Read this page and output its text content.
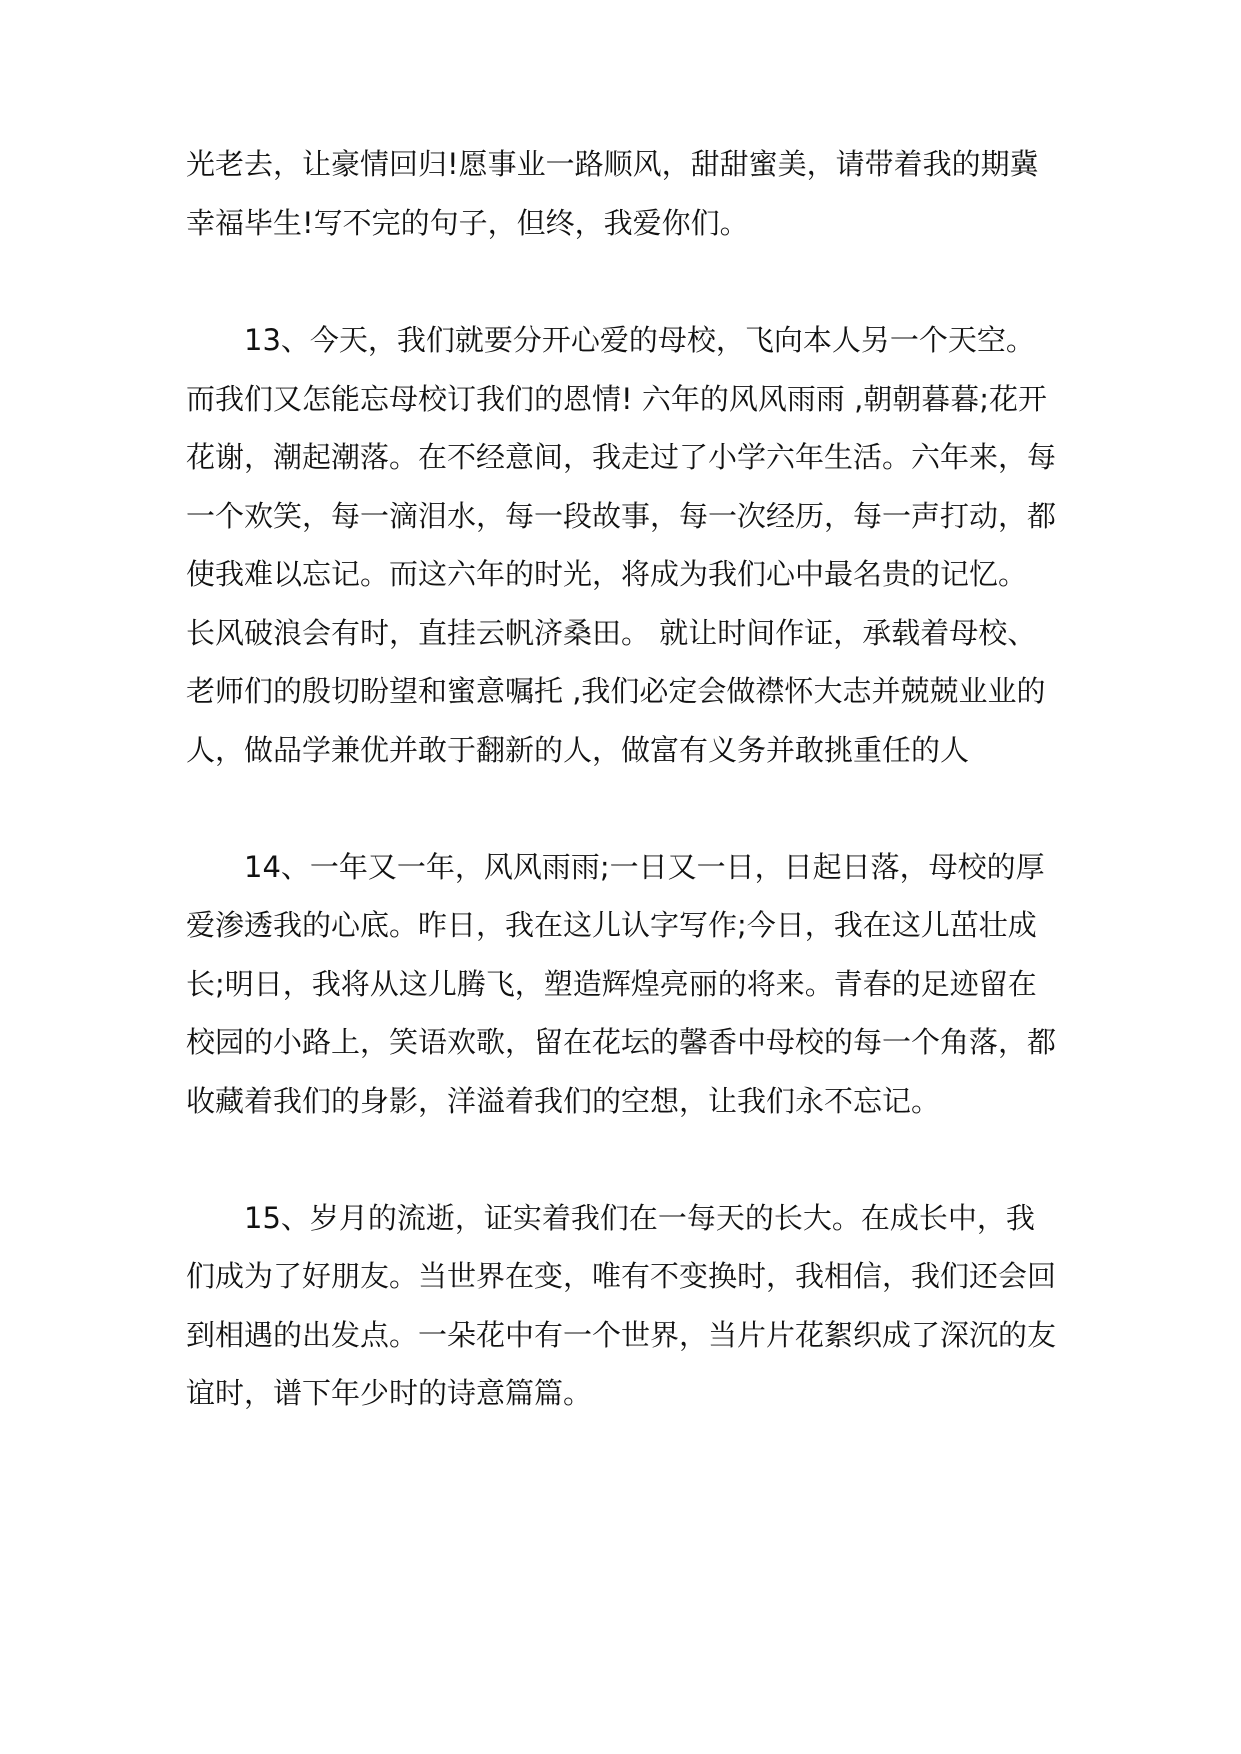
光老去，让豪情回归!愿事业一路顺风，甜甜蜜美，请带着我的期冀
幸福毕生!写不完的句子，但终，我爱你们。
　　13、今天，我们就要分开心爱的母校，飞向本人另一个天空。
而我们又怎能忘母校订我们的恩情! 六年的风风雨雨 ,朝朝暮暮;花开
花谢，潮起潮落。在不经意间，我走过了小学六年生活。六年来，每
一个欢笑，每一滴泪水，每一段故事，每一次经历，每一声打动，都
使我难以忘记。而这六年的时光，将成为我们心中最名贵的记忆。
长风破浪会有时，直挂云帆济桑田。 就让时间作证，承载着母校、
老师们的殷切盼望和蜜意嘱托 ,我们必定会做襟怀大志并兢兢业业的
人，做品学兼优并敢于翻新的人，做富有义务并敢挑重任的人
　　14、一年又一年，风风雨雨;一日又一日，日起日落，母校的厚
爱渗透我的心底。昨日，我在这儿认字写作;今日，我在这儿茁壮成
长;明日，我将从这儿腾飞，塑造辉煌亮丽的将来。青春的足迹留在
校园的小路上，笑语欢歌，留在花坛的馨香中母校的每一个角落，都
收藏着我们的身影，洋溢着我们的空想，让我们永不忘记。
　　15、岁月的流逝，证实着我们在一每天的长大。在成长中，我
们成为了好朋友。当世界在变，唯有不变换时，我相信，我们还会回
到相遇的出发点。一朵花中有一个世界，当片片花絮织成了深沉的友
谊时，谱下年少时的诗意篇篇。
